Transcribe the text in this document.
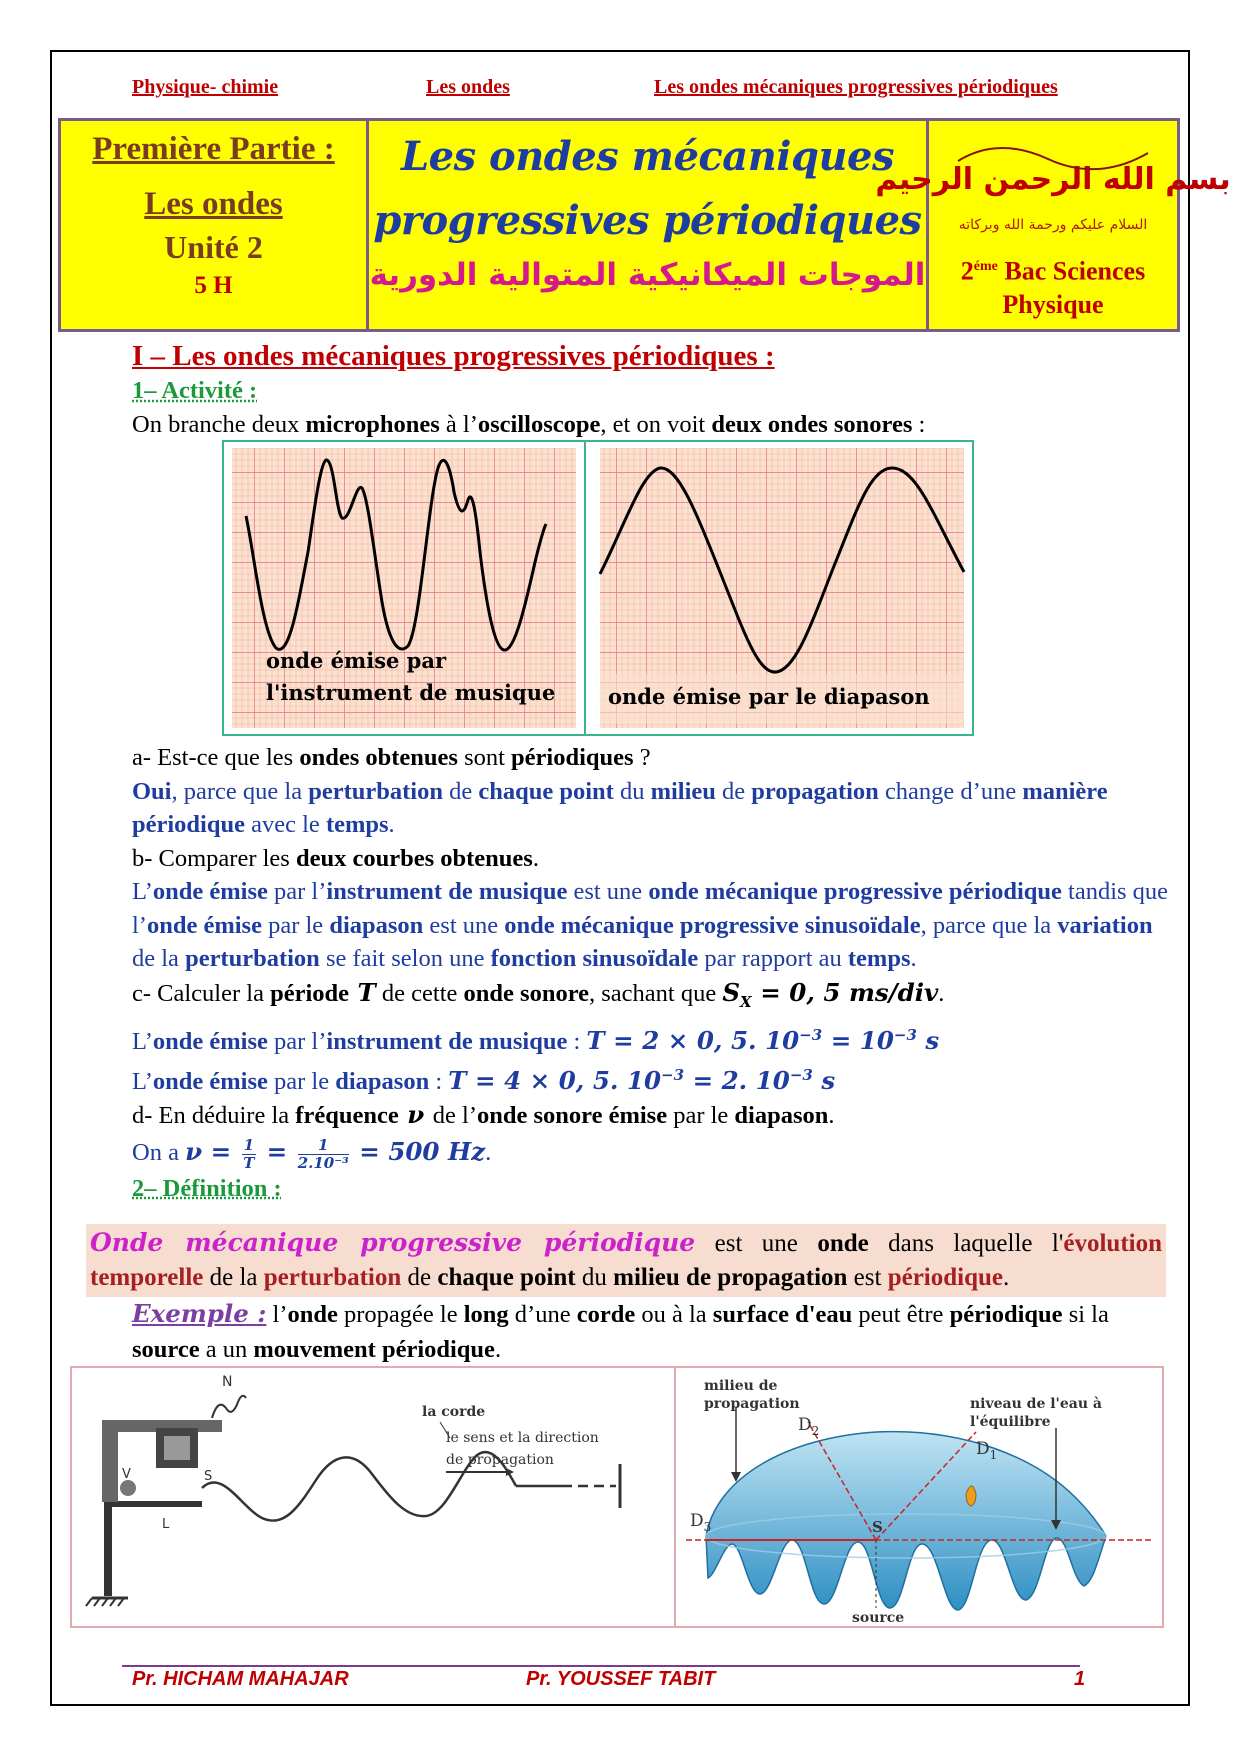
Physique- chimie	Les ondes	Les ondes mécaniques progressives périodiques
Première Partie :
Les ondes
Unité 2
5 H
Les ondes mécaniques
progressives périodiques
الموجات الميكانيكية المتوالية الدورية
بسم الله الرحمن الرحيم
السلام عليكم ورحمة الله وبركاته
$2^{éme}$ Bac Sciences
Physique
I – Les ondes mécaniques progressives périodiques :
1– Activité :
On branche deux microphones à l’oscilloscope, et on voit deux ondes sonores :
a- Est-ce que les ondes obtenues sont périodiques ?
Oui, parce que la perturbation de chaque point du milieu de propagation change d’une manière périodique avec le temps.
b- Comparer les deux courbes obtenues.
L’onde émise par l’instrument de musique est une onde mécanique progressive périodique tandis que l’onde émise par le diapason est une onde mécanique progressive sinusoïdale, parce que la variation de la perturbation se fait selon une fonction sinusoïdale par rapport au temps.
c- Calculer la période T de cette onde sonore, sachant que $S_X = 0$, 5 ms/div.
L’onde émise par l’instrument de musique : T = 2 × 0, 5. $10^{-3} = 10^{-3}$ s
L’onde émise par le diapason : T = 4 × 0, 5. $10^{-3} = 2$. $10^{-3}$ s
d- En déduire la fréquence ν de l’onde sonore émise par le diapason.
On a $\nu = \frac{1}{T} = \frac{1}{\text{2.10⁻³}} = 500$ Hz.
2– Définition :
onde émise par
l'instrument de musique	onde émise par le diapason
Onde mécanique progressive périodique est une onde dans laquelle l'évolution temporelle de la perturbation de chaque point du milieu de propagation est périodique.
Exemple : l’onde propagée le long d’une corde ou à la surface d'eau peut être périodique si la source a un mouvement périodique.
N
V	S
L
la corde
le sens et la direction
de propagation
milieu de
propagation	niveau de l'eau à
l'équilibre
$D_2$
$D_1$
$D_3$	S
source
Pr. HICHAM MAHAJAR	Pr. YOUSSEF TABIT	1
